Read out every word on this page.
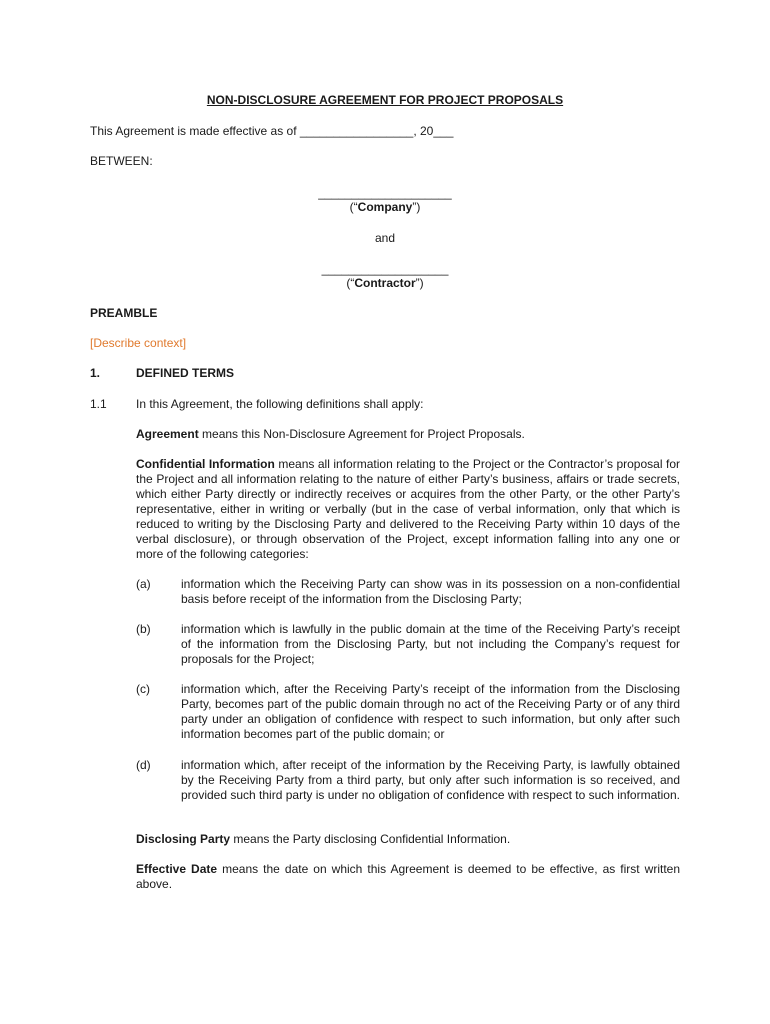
NON-DISCLOSURE AGREEMENT FOR PROJECT PROPOSALS
This Agreement is made effective as of _________________, 20___
BETWEEN:
____________________
(“Company”)
and
___________________
(“Contractor”)
PREAMBLE
[Describe context]
1.	DEFINED TERMS
1.1 In this Agreement, the following definitions shall apply:
Agreement means this Non-Disclosure Agreement for Project Proposals.
Confidential Information means all information relating to the Project or the Contractor’s proposal for the Project and all information relating to the nature of either Party’s business, affairs or trade secrets, which either Party directly or indirectly receives or acquires from the other Party, or the other Party’s representative, either in writing or verbally (but in the case of verbal information, only that which is reduced to writing by the Disclosing Party and delivered to the Receiving Party within 10 days of the verbal disclosure), or through observation of the Project, except information falling into any one or more of the following categories:
(a)	information which the Receiving Party can show was in its possession on a non-confidential basis before receipt of the information from the Disclosing Party;
(b)	information which is lawfully in the public domain at the time of the Receiving Party’s receipt of the information from the Disclosing Party, but not including the Company’s request for proposals for the Project;
(c)	information which, after the Receiving Party’s receipt of the information from the Disclosing Party, becomes part of the public domain through no act of the Receiving Party or of any third party under an obligation of confidence with respect to such information, but only after such information becomes part of the public domain; or
(d)	information which, after receipt of the information by the Receiving Party, is lawfully obtained by the Receiving Party from a third party, but only after such information is so received, and provided such third party is under no obligation of confidence with respect to such information.
Disclosing Party means the Party disclosing Confidential Information.
Effective Date means the date on which this Agreement is deemed to be effective, as first written above.
